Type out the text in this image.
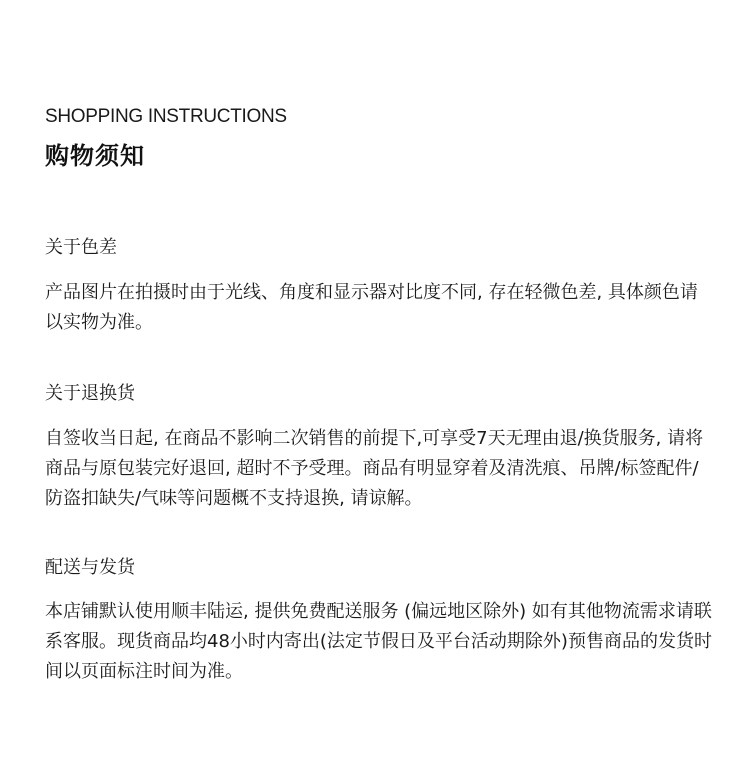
SHOPPING INSTRUCTIONS
购物须知

关于色差

产品图片在拍摄时由于光线、角度和显示器对比度不同, 存在轻微色差, 具体颜色请以实物为准。

关于退换货

自签收当日起, 在商品不影响二次销售的前提下,可享受7天无理由退/换货服务, 请将商品与原包装完好退回, 超时不予受理。商品有明显穿着及清洗痕、吊牌/标签配件/防盗扣缺失/气味等问题概不支持退换, 请谅解。

配送与发货

本店铺默认使用顺丰陆运, 提供免费配送服务 (偏远地区除外) 如有其他物流需求请联系客服。现货商品均48小时内寄出(法定节假日及平台活动期除外)预售商品的发货时间以页面标注时间为准。
